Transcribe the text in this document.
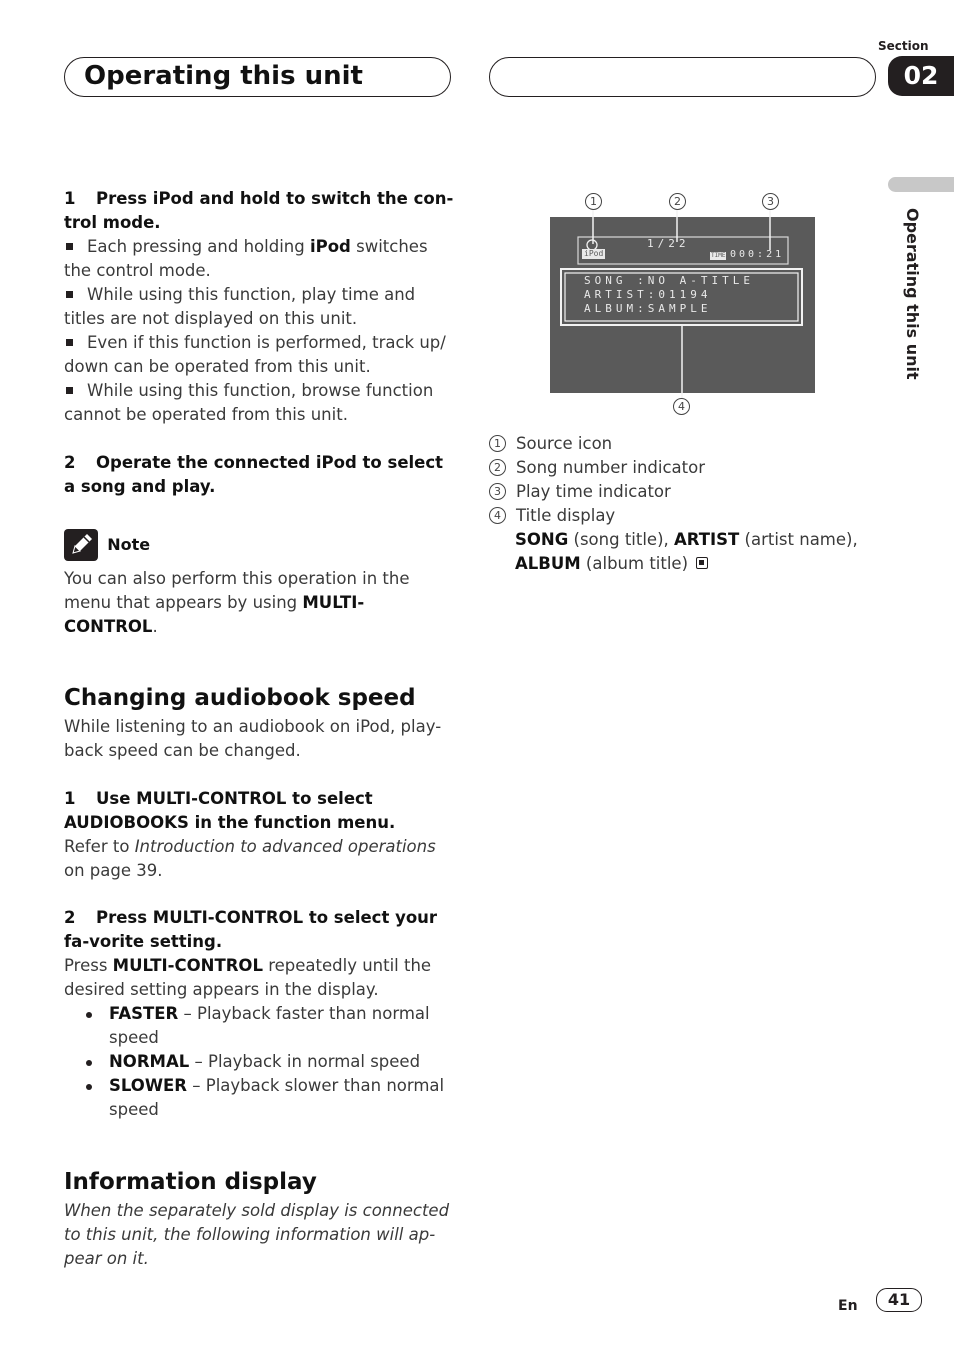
Operating this unit
Section
02
Operating this unit

1 Press iPod and hold to switch the con-trol mode.

Each pressing and holding iPod switches the control mode.

While using this function, play time and titles are not displayed on this unit.

Even if this function is performed, track up/ down can be operated from this unit.

While using this function, browse function cannot be operated from this unit.

2 Operate the connected iPod to select a song and play.

Note

You can also perform this operation in the menu that appears by using MULTI-CONTROL.

Changing audiobook speed

While listening to an audiobook on iPod, play-back speed can be changed.

1 Use MULTI-CONTROL to select AUDIOBOOKS in the function menu.

Refer to Introduction to advanced operations on page 39.

2 Press MULTI-CONTROL to select your fa-vorite setting.

Press MULTI-CONTROL repeatedly until the desired setting appears in the display.

FASTER – Playback faster than normal speed
NORMAL – Playback in normal speed
SLOWER – Playback slower than normal speed
Information display

When the separately sold display is connected to this unit, the following information will ap-pear on it.

1	2	3
4
iPod
1/22
TIME 000:21
SONG :NO A-TITLE
ARTIST:01194
ALBUM:SAMPLE

1 Source icon

2 Song number indicator

3 Play time indicator

4 Title display

SONG (song title), ARTIST (artist name),
ALBUM (album title)

En	41
